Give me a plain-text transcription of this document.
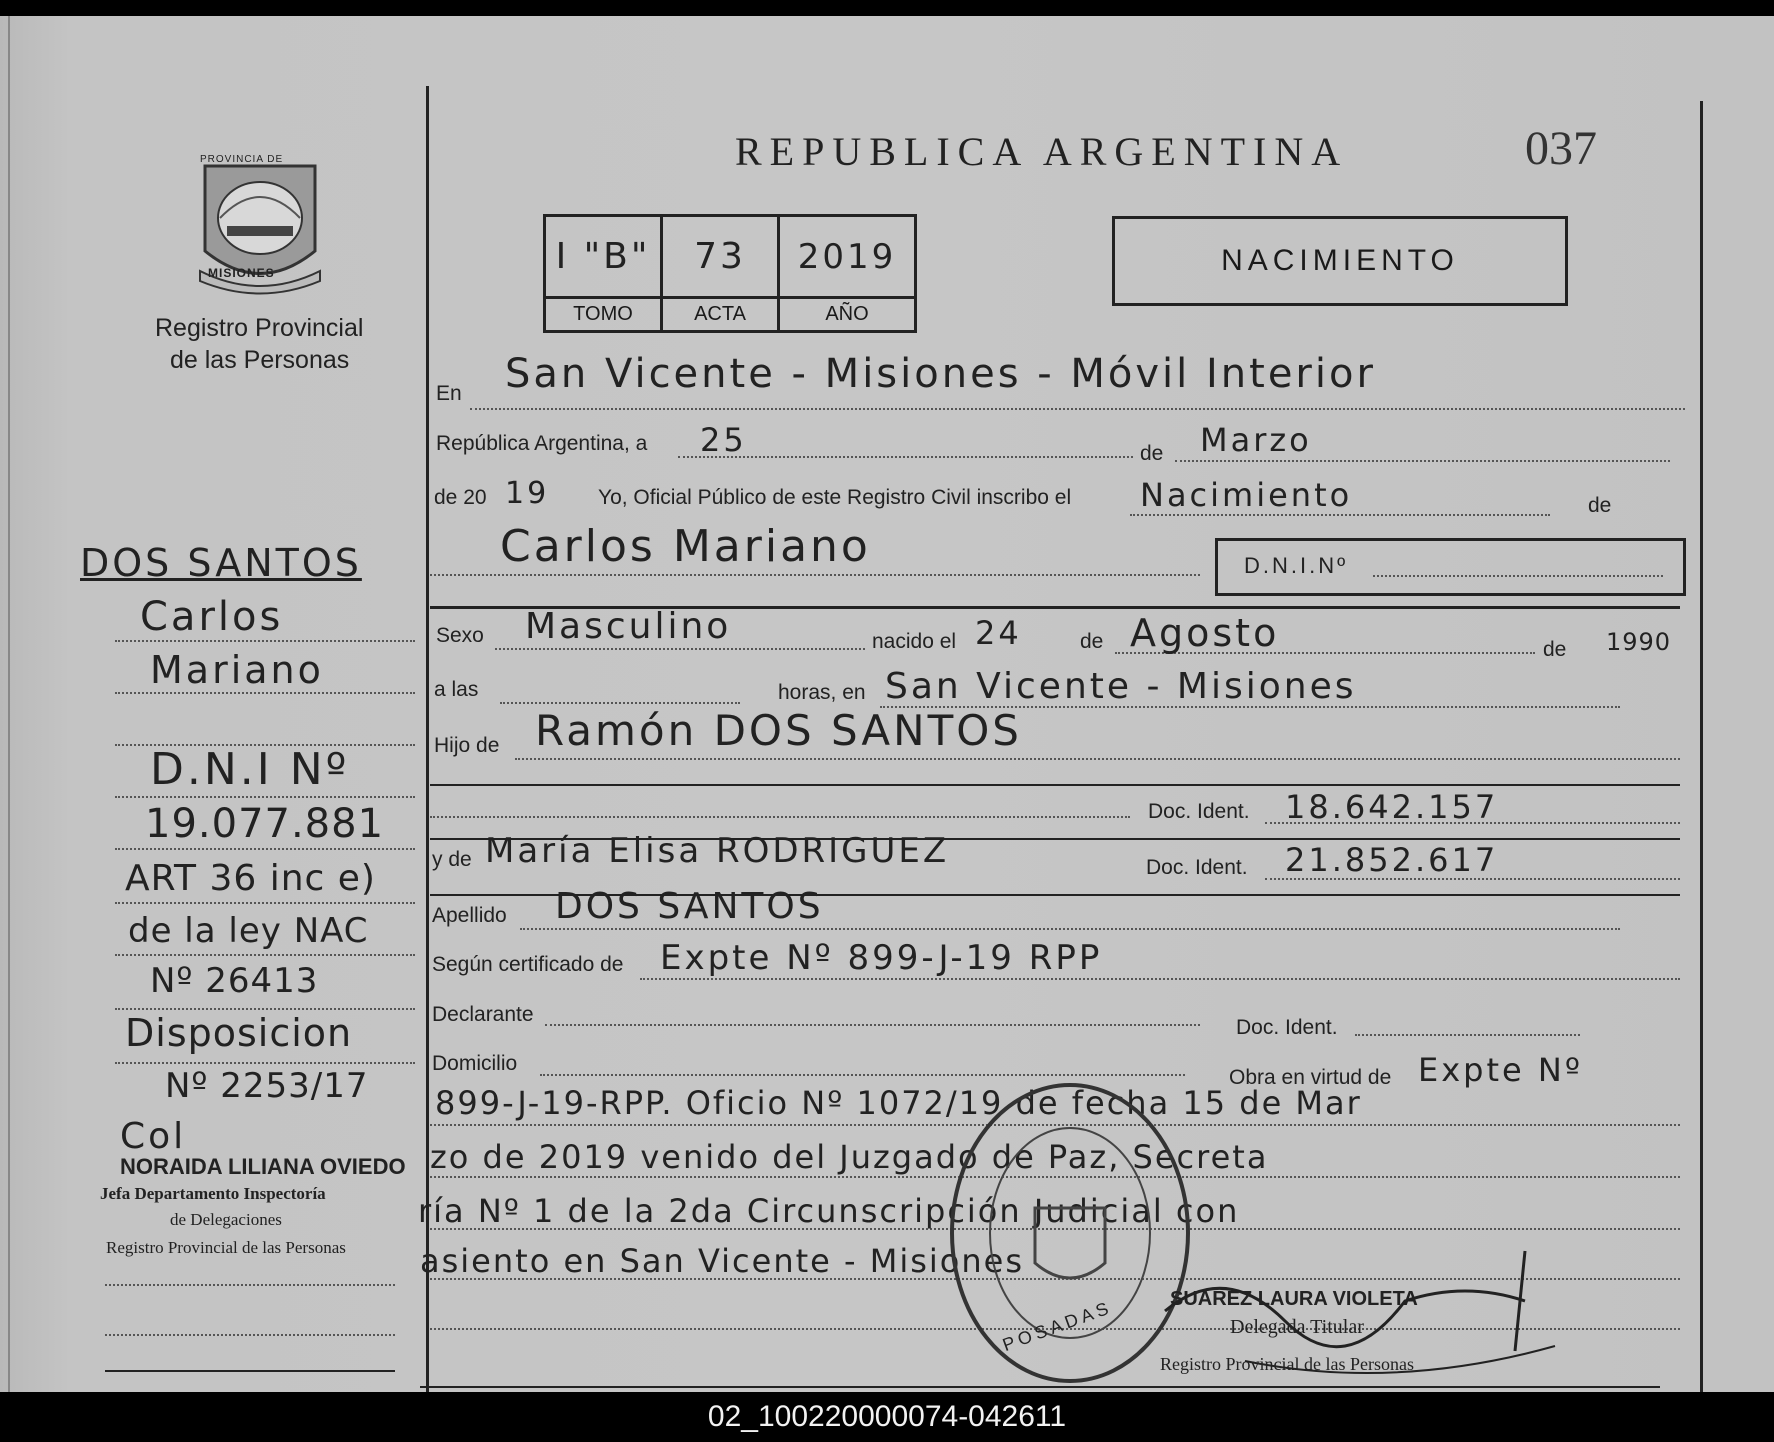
PROVINCIA DE
MISIONES
Registro Provincial
de las Personas
REPUBLICA ARGENTINA	037
I "B"	73	2019
TOMO	ACTA	AÑO
NACIMIENTO
En San Vicente - Misiones - Móvil Interior
República Argentina, a 25	de Marzo
de 20 19 Yo, Oficial Público de este Registro Civil inscribo el Nacimiento	de
Carlos Mariano	D.N.I.Nº
Sexo Masculino	nacido el 24	de Agosto	de 1990
a las	horas, en San Vicente - Misiones
Hijo de Ramón DOS SANTOS
Doc. Ident. 18.642.157
y de María Elisa RODRIGUEZ	Doc. Ident. 21.852.617
Apellido DOS SANTOS
Según certificado de Expte Nº 899-J-19 RPP
Declarante
Doc. Ident.
Domicilio
Obra en virtud de Expte Nº
899-J-19-RPP. Oficio Nº 1072/19 de fecha 15 de Mar
zo de 2019 venido del Juzgado de Paz, Secreta
ría Nº 1 de la 2da Circunscripción Judicial con
asiento en San Vicente - Misiones
POSADAS	SUAREZ LAURA VIOLETA
Delegada Titular
Registro Provincial de las Personas
DOS SANTOS
Carlos
Mariano
D.N.I Nº
19.077.881
ART 36 inc e)
de la ley NAC
Nº 26413
Disposicion
Nº 2253/17
Col
NORAIDA LILIANA OVIEDO
Jefa Departamento Inspectoría
de Delegaciones
Registro Provincial de las Personas
02_100220000074-042611
